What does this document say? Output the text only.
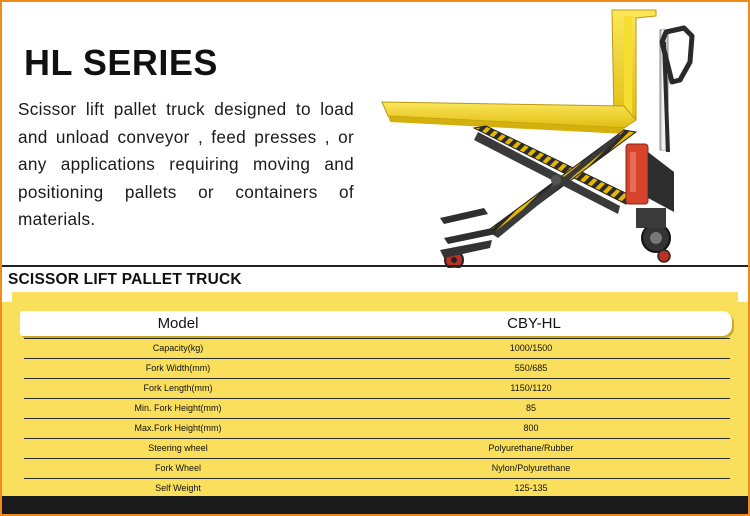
HL SERIES
Scissor lift pallet truck designed to load and unload conveyor , feed presses , or any applications requiring moving and positioning pallets or containers of materials.
SCISSOR LIFT PALLET TRUCK
Model	CBY-HL
Capacity(kg)	1000/1500
Fork Width(mm)	550/685
Fork Length(mm)	1150/1120
Min. Fork Height(mm)	85
Max.Fork Height(mm)	800
Steering wheel	Polyurethane/Rubber
Fork Wheel	Nylon/Polyurethane
Self Weight	125-135
